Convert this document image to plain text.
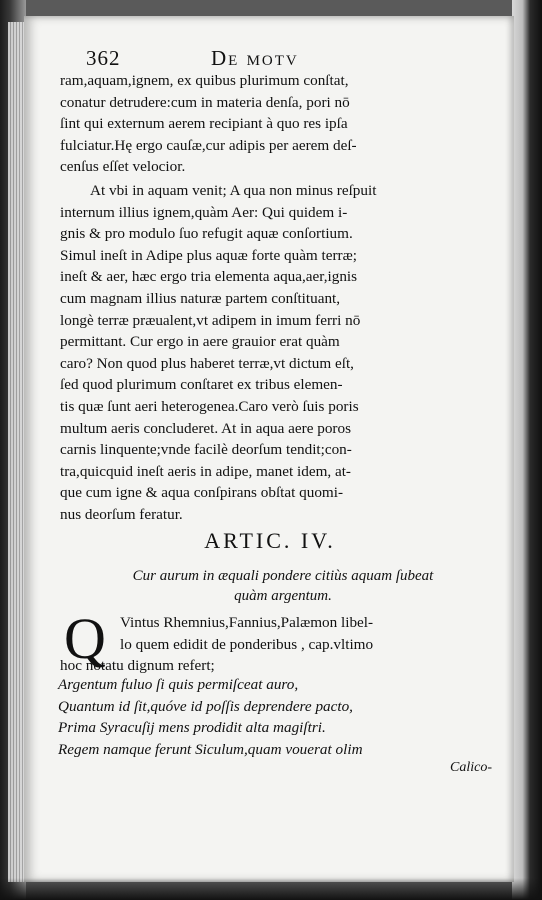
362	De motv

ram,aquam,ignem, ex quibus plurimum conſtat,
conatur detrudere:cum in materia denſa, pori nō
ſint qui externum aerem recipiant à quo res ipſa
fulciatur.Hę ergo cauſæ,cur adipis per aerem deſ-
cenſus eſſet velocior.

At vbi in aquam venit; A qua non minus reſpuit
internum illius ignem,quàm Aer: Qui quidem i-
gnis & pro modulo ſuo refugit aquæ conſortium.
Simul ineſt in Adipe plus aquæ forte quàm terræ;
ineſt & aer, hæc ergo tria elementa aqua,aer,ignis
cum magnam illius naturæ partem conſtituant,
longè terræ præualent,vt adipem in imum ferri nō
permittant. Cur ergo in aere grauior erat quàm
caro? Non quod plus haberet terræ,vt dictum eſt,
ſed quod plurimum conſtaret ex tribus elemen-
tis quæ ſunt aeri heterogenea.Caro verò ſuis poris
multum aeris concluderet. At in aqua aere poros
carnis linquente;vnde facilè deorſum tendit;con-
tra,quicquid ineſt aeris in adipe, manet idem, at-
que cum igne & aqua conſpirans obſtat quomi-
nus deorſum feratur.

ARTIC. IV.
Cur aurum in æquali pondere citiùs aquam ſubeat
quàm argentum.
Q Vintus Rhemnius,Fannius,Palæmon libel-
lo quem edidit de ponderibus , cap.vltimo
hoc notatu dignum refert;
Argentum fuluo ſi quis permiſceat auro,
Quantum id ſit,quóve id poſſis deprendere pacto,
Prima Syracuſij mens prodidit alta magiſtri.
Regem namque ferunt Siculum,quam vouerat olim
Calico-
